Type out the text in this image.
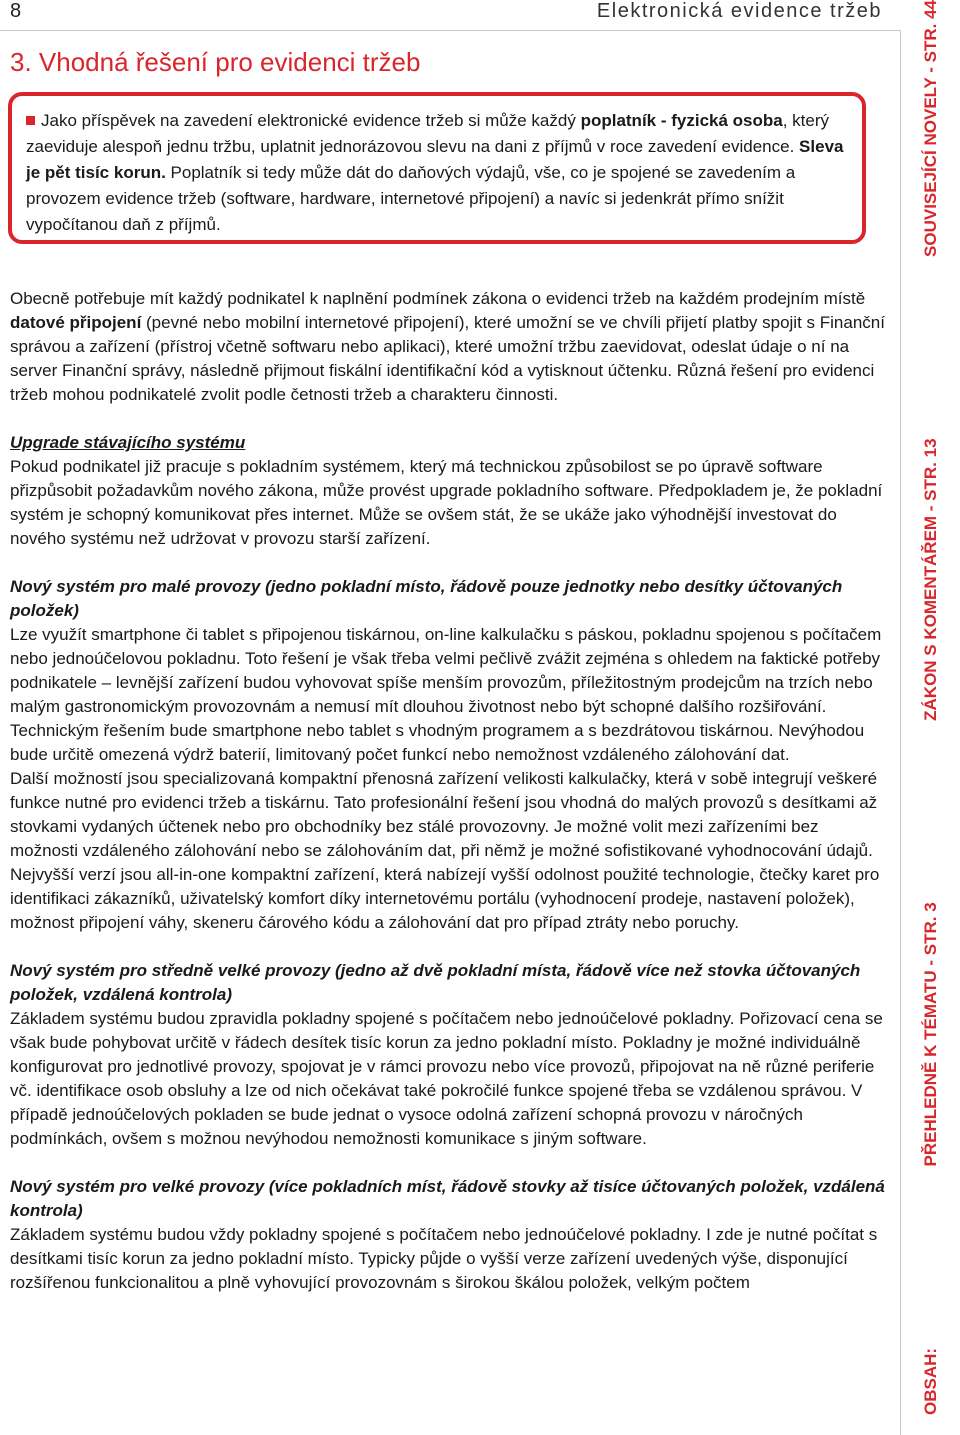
8	Elektronická evidence tržeb
3. Vhodná řešení pro evidenci tržeb
Jako příspěvek na zavedení elektronické evidence tržeb si může každý poplatník - fyzická osoba, který zaeviduje alespoň jednu tržbu, uplatnit jednorázovou slevu na dani z příjmů v roce zavedení evidence. Sleva je pět tisíc korun. Poplatník si tedy může dát do daňových výdajů, vše, co je spojené se zavedením a provozem evidence tržeb (software, hardware, internetové připojení) a navíc si jedenkrát přímo snížit vypočítanou daň z příjmů.

Obecně potřebuje mít každý podnikatel k naplnění podmínek zákona o evidenci tržeb na každém prodejním místě datové připojení (pevné nebo mobilní internetové připojení), které umožní se ve chvíli přijetí platby spojit s Finanční správou a zařízení (přístroj včetně softwaru nebo aplikaci), které umožní tržbu zaevidovat, odeslat údaje o ní na server Finanční správy, následně přijmout fiskální identifikační kód a vytisknout účtenku. Různá řešení pro evidenci tržeb mohou podnikatelé zvolit podle četnosti tržeb a charakteru činnosti.

Upgrade stávajícího systému

Pokud podnikatel již pracuje s pokladním systémem, který má technickou způsobilost se po úpravě software přizpůsobit požadavkům nového zákona, může provést upgrade pokladního software. Předpokladem je, že pokladní systém je schopný komunikovat přes internet. Může se ovšem stát, že se ukáže jako výhodnější investovat do nového systému než udržovat v provozu starší zařízení.

Nový systém pro malé provozy (jedno pokladní místo, řádově pouze jednotky nebo desítky účtovaných položek)

Lze využít smartphone či tablet s připojenou tiskárnou, on-line kalkulačku s páskou, pokladnu spojenou s počítačem nebo jednoúčelovou pokladnu. Toto řešení je však třeba velmi pečlivě zvážit zejména s ohledem na faktické potřeby podnikatele – levnější zařízení budou vyhovovat spíše menším provozům, příležitostným prodejcům na trzích nebo malým gastronomickým provozovnám a nemusí mít dlouhou životnost nebo být schopné dalšího rozšiřování. Technickým řešením bude smartphone nebo tablet s vhodným programem a s bezdrátovou tiskárnou. Nevýhodou bude určitě omezená výdrž baterií, limitovaný počet funkcí nebo nemožnost vzdáleného zálohování dat.

Další možností jsou specializovaná kompaktní přenosná zařízení velikosti kalkulačky, která v sobě integrují veškeré funkce nutné pro evidenci tržeb a tiskárnu. Tato profesionální řešení jsou vhodná do malých provozů s desítkami až stovkami vydaných účtenek nebo pro obchodníky bez stálé provozovny. Je možné volit mezi zařízeními bez možnosti vzdáleného zálohování nebo se zálohováním dat, při němž je možné sofistikované vyhodnocování údajů. Nejvyšší verzí jsou all-in-one kompaktní zařízení, která nabízejí vyšší odolnost použité technologie, čtečky karet pro identifikaci zákazníků, uživatelský komfort díky internetovému portálu (vyhodnocení prodeje, nastavení položek), možnost připojení váhy, skeneru čárového kódu a zálohování dat pro případ ztráty nebo poruchy.

Nový systém pro středně velké provozy (jedno až dvě pokladní místa, řádově více než stovka účtovaných položek, vzdálená kontrola)

Základem systému budou zpravidla pokladny spojené s počítačem nebo jednoúčelové pokladny. Pořizovací cena se však bude pohybovat určitě v řádech desítek tisíc korun za jedno pokladní místo. Pokladny je možné individuálně konfigurovat pro jednotlivé provozy, spojovat je v rámci provozu nebo více provozů, připojovat na ně různé periferie vč. identifikace osob obsluhy a lze od nich očekávat také pokročilé funkce spojené třeba se vzdálenou správou. V případě jednoúčelových pokladen se bude jednat o vysoce odolná zařízení schopná provozu v náročných podmínkách, ovšem s možnou nevýhodou nemožnosti komunikace s jiným software.

Nový systém pro velké provozy (více pokladních míst, řádově stovky až tisíce účtovaných položek, vzdálená kontrola)

Základem systému budou vždy pokladny spojené s počítačem nebo jednoúčelové pokladny. I zde je nutné počítat s desítkami tisíc korun za jedno pokladní místo. Typicky půjde o vyšší verze zařízení uvedených výše, disponující rozšířenou funkcionalitou a plně vyhovující provozovnám s širokou škálou položek, velkým počtem

OBSAH:
PŘEHLEDNĚ K TÉMATU - STR. 3
ZÁKON S KOMENTÁŘEM - STR. 13
SOUVISEJÍCÍ NOVELY - STR. 44
